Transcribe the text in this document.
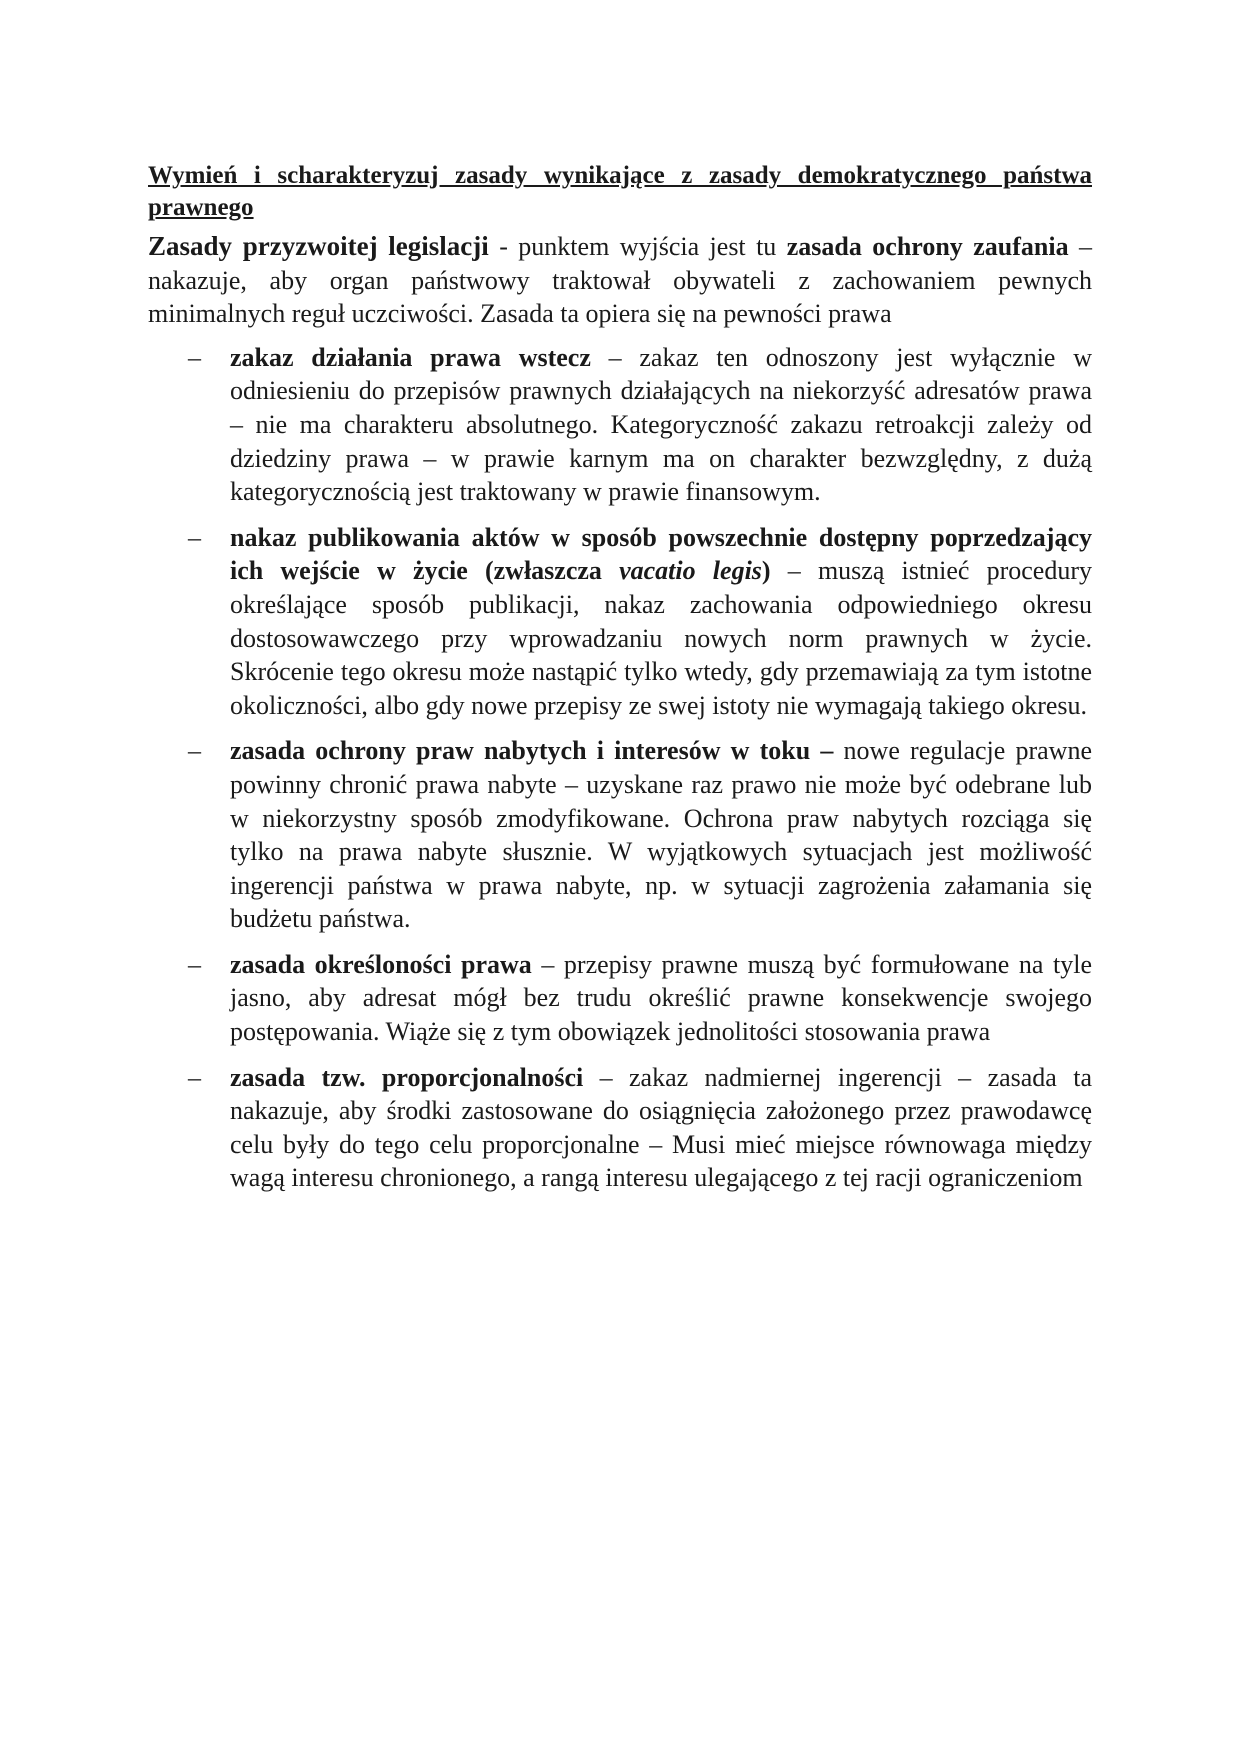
Wymień i scharakteryzuj zasady wynikające z zasady demokratycznego państwa prawnego

Zasady przyzwoitej legislacji - punktem wyjścia jest tu zasada ochrony zaufania – nakazuje, aby organ państwowy traktował obywateli z zachowaniem pewnych minimalnych reguł uczciwości. Zasada ta opiera się na pewności prawa

– zakaz działania prawa wstecz – zakaz ten odnoszony jest wyłącznie w odniesieniu do przepisów prawnych działających na niekorzyść adresatów prawa – nie ma charakteru absolutnego. Kategoryczność zakazu retroakcji zależy od dziedziny prawa – w prawie karnym ma on charakter bezwzględny, z dużą kategorycznością jest traktowany w prawie finansowym.
– nakaz publikowania aktów w sposób powszechnie dostępny poprzedzający ich wejście w życie (zwłaszcza vacatio legis) – muszą istnieć procedury określające sposób publikacji, nakaz zachowania odpowiedniego okresu dostosowawczego przy wprowadzaniu nowych norm prawnych w życie. Skrócenie tego okresu może nastąpić tylko wtedy, gdy przemawiają za tym istotne okoliczności, albo gdy nowe przepisy ze swej istoty nie wymagają takiego okresu.
– zasada ochrony praw nabytych i interesów w toku – nowe regulacje prawne powinny chronić prawa nabyte – uzyskane raz prawo nie może być odebrane lub w niekorzystny sposób zmodyfikowane. Ochrona praw nabytych rozciąga się tylko na prawa nabyte słusznie. W wyjątkowych sytuacjach jest możliwość ingerencji państwa w prawa nabyte, np. w sytuacji zagrożenia załamania się budżetu państwa.
– zasada określoności prawa – przepisy prawne muszą być formułowane na tyle jasno, aby adresat mógł bez trudu określić prawne konsekwencje swojego postępowania. Wiąże się z tym obowiązek jednolitości stosowania prawa
– zasada tzw. proporcjonalności – zakaz nadmiernej ingerencji – zasada ta nakazuje, aby środki zastosowane do osiągnięcia założonego przez prawodawcę celu były do tego celu proporcjonalne – Musi mieć miejsce równowaga między wagą interesu chronionego, a rangą interesu ulegającego z tej racji ograniczeniom
